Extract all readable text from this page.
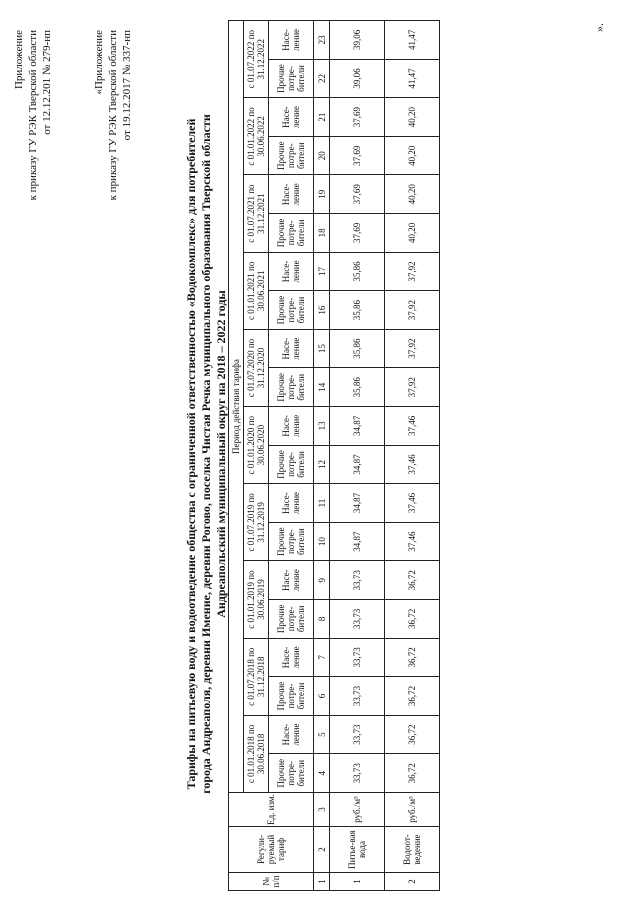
Приложение к приказу ГУ РЭК Тверской области от 12.12.201 № 279-нп	«Приложение к приказу ГУ РЭК Тверской области от 19.12.2017 № 337-нп
Тарифы на питьевую воду и водоотведение общества с ограниченной ответственностью «Водокомплекс» для потребителей города Андреаполя, деревни Имение, деревни Рогово, поселка Чистая Речка муниципального образования Тверской области Андреапольский муниципальный округ на 2018 – 2022 годы
№ п/п	Регули-руемый тариф	Ед. изм.	Период действия тарифа																			
			с 01.01.2018 по 30.06.2018		с 01.07.2018 по 31.12.2018		с 01.01.2019 по 30.06.2019		с 01.07.2019 по 31.12.2019		с 01.01.2020 по 30.06.2020		с 01.07.2020 по 31.12.2020		с 01.01.2021 по 30.06.2021		с 01.07.2021 по 31.12.2021		с 01.01.2022 по 30.06.2022		с 01.07.2022 по 31.12.2022	
			Прочие потре-бители	Насе-ление	Прочие потре-бители	Насе-ление	Прочие потре-бители	Насе-ление	Прочие потре-бители	Насе-ление	Прочие потре-бители	Насе-ление	Прочие потре-бители	Насе-ление	Прочие потре-бители	Насе-ление	Прочие потре-бители	Насе-ление	Прочие потре-бители	Насе-ление	Прочие потре-бители	Насе-ление
1	2	3	4	5	6	7	8	9	10	11	12	13	14	15	16	17	18	19	20	21	22	23
1	Питье-вая вода	руб./м³	33,73	33,73	33,73	33,73	33,73	33,73	34,87	34,87	34,87	34,87	35,86	35,86	35,86	35,86	37,69	37,69	37,69	37,69	39,06	39,06
2	Водоот-ведение	руб./м³	36,72	36,72	36,72	36,72	36,72	36,72	37,46	37,46	37,46	37,46	37,92	37,92	37,92	37,92	40,20	40,20	40,20	40,20	41,47	41,47
».
